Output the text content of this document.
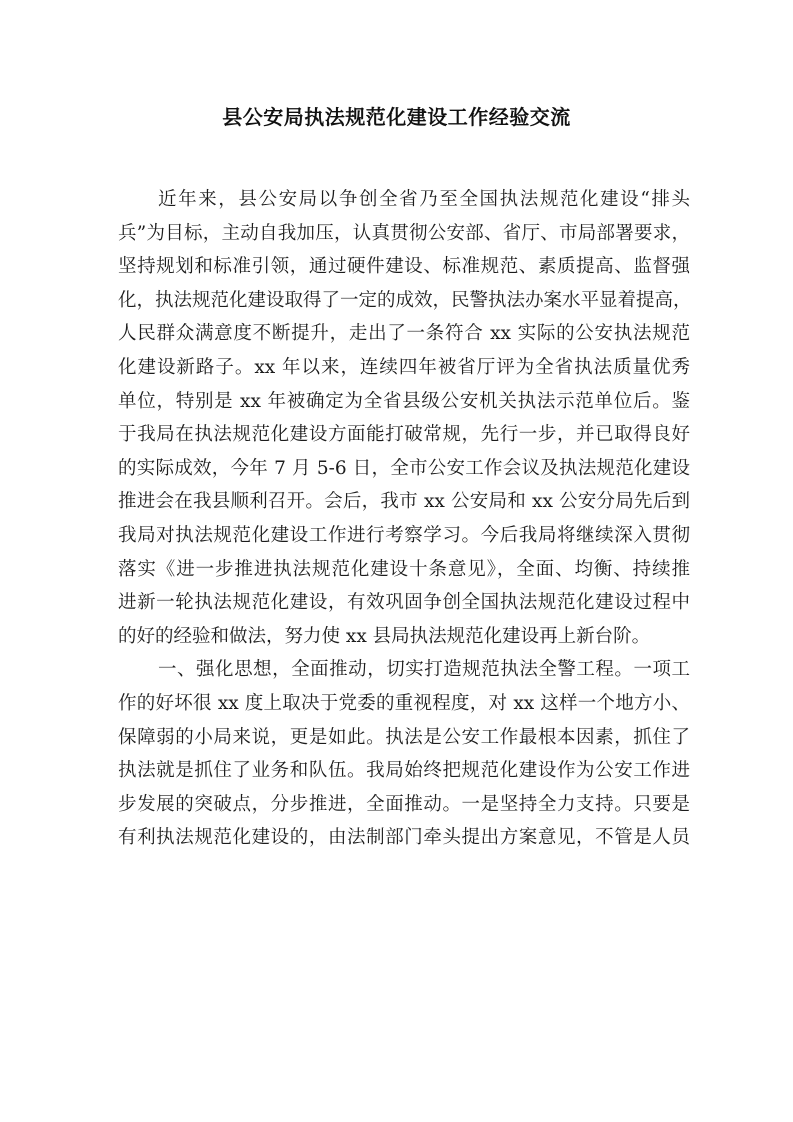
县公安局执法规范化建设工作经验交流
近年来，县公安局以争创全省乃至全国执法规范化建设“排头
兵”为目标，主动自我加压，认真贯彻公安部、省厅、市局部署要求，
坚持规划和标准引领，通过硬件建设、标准规范、素质提高、监督强
化，执法规范化建设取得了一定的成效，民警执法办案水平显着提高，
人民群众满意度不断提升，走出了一条符合 xx 实际的公安执法规范
化建设新路子。xx 年以来，连续四年被省厅评为全省执法质量优秀
单位，特别是 xx 年被确定为全省县级公安机关执法示范单位后。鉴
于我局在执法规范化建设方面能打破常规，先行一步，并已取得良好
的实际成效，今年 7 月 5-6 日，全市公安工作会议及执法规范化建设
推进会在我县顺利召开。会后，我市 xx 公安局和 xx 公安分局先后到
我局对执法规范化建设工作进行考察学习。今后我局将继续深入贯彻
落实《进一步推进执法规范化建设十条意见》，全面、均衡、持续推
进新一轮执法规范化建设，有效巩固争创全国执法规范化建设过程中
的好的经验和做法，努力使 xx 县局执法规范化建设再上新台阶。
一、强化思想，全面推动，切实打造规范执法全警工程。一项工
作的好坏很 xx 度上取决于党委的重视程度，对 xx 这样一个地方小、
保障弱的小局来说，更是如此。执法是公安工作最根本因素，抓住了
执法就是抓住了业务和队伍。我局始终把规范化建设作为公安工作进
步发展的突破点，分步推进，全面推动。一是坚持全力支持。只要是
有利执法规范化建设的，由法制部门牵头提出方案意见，不管是人员
